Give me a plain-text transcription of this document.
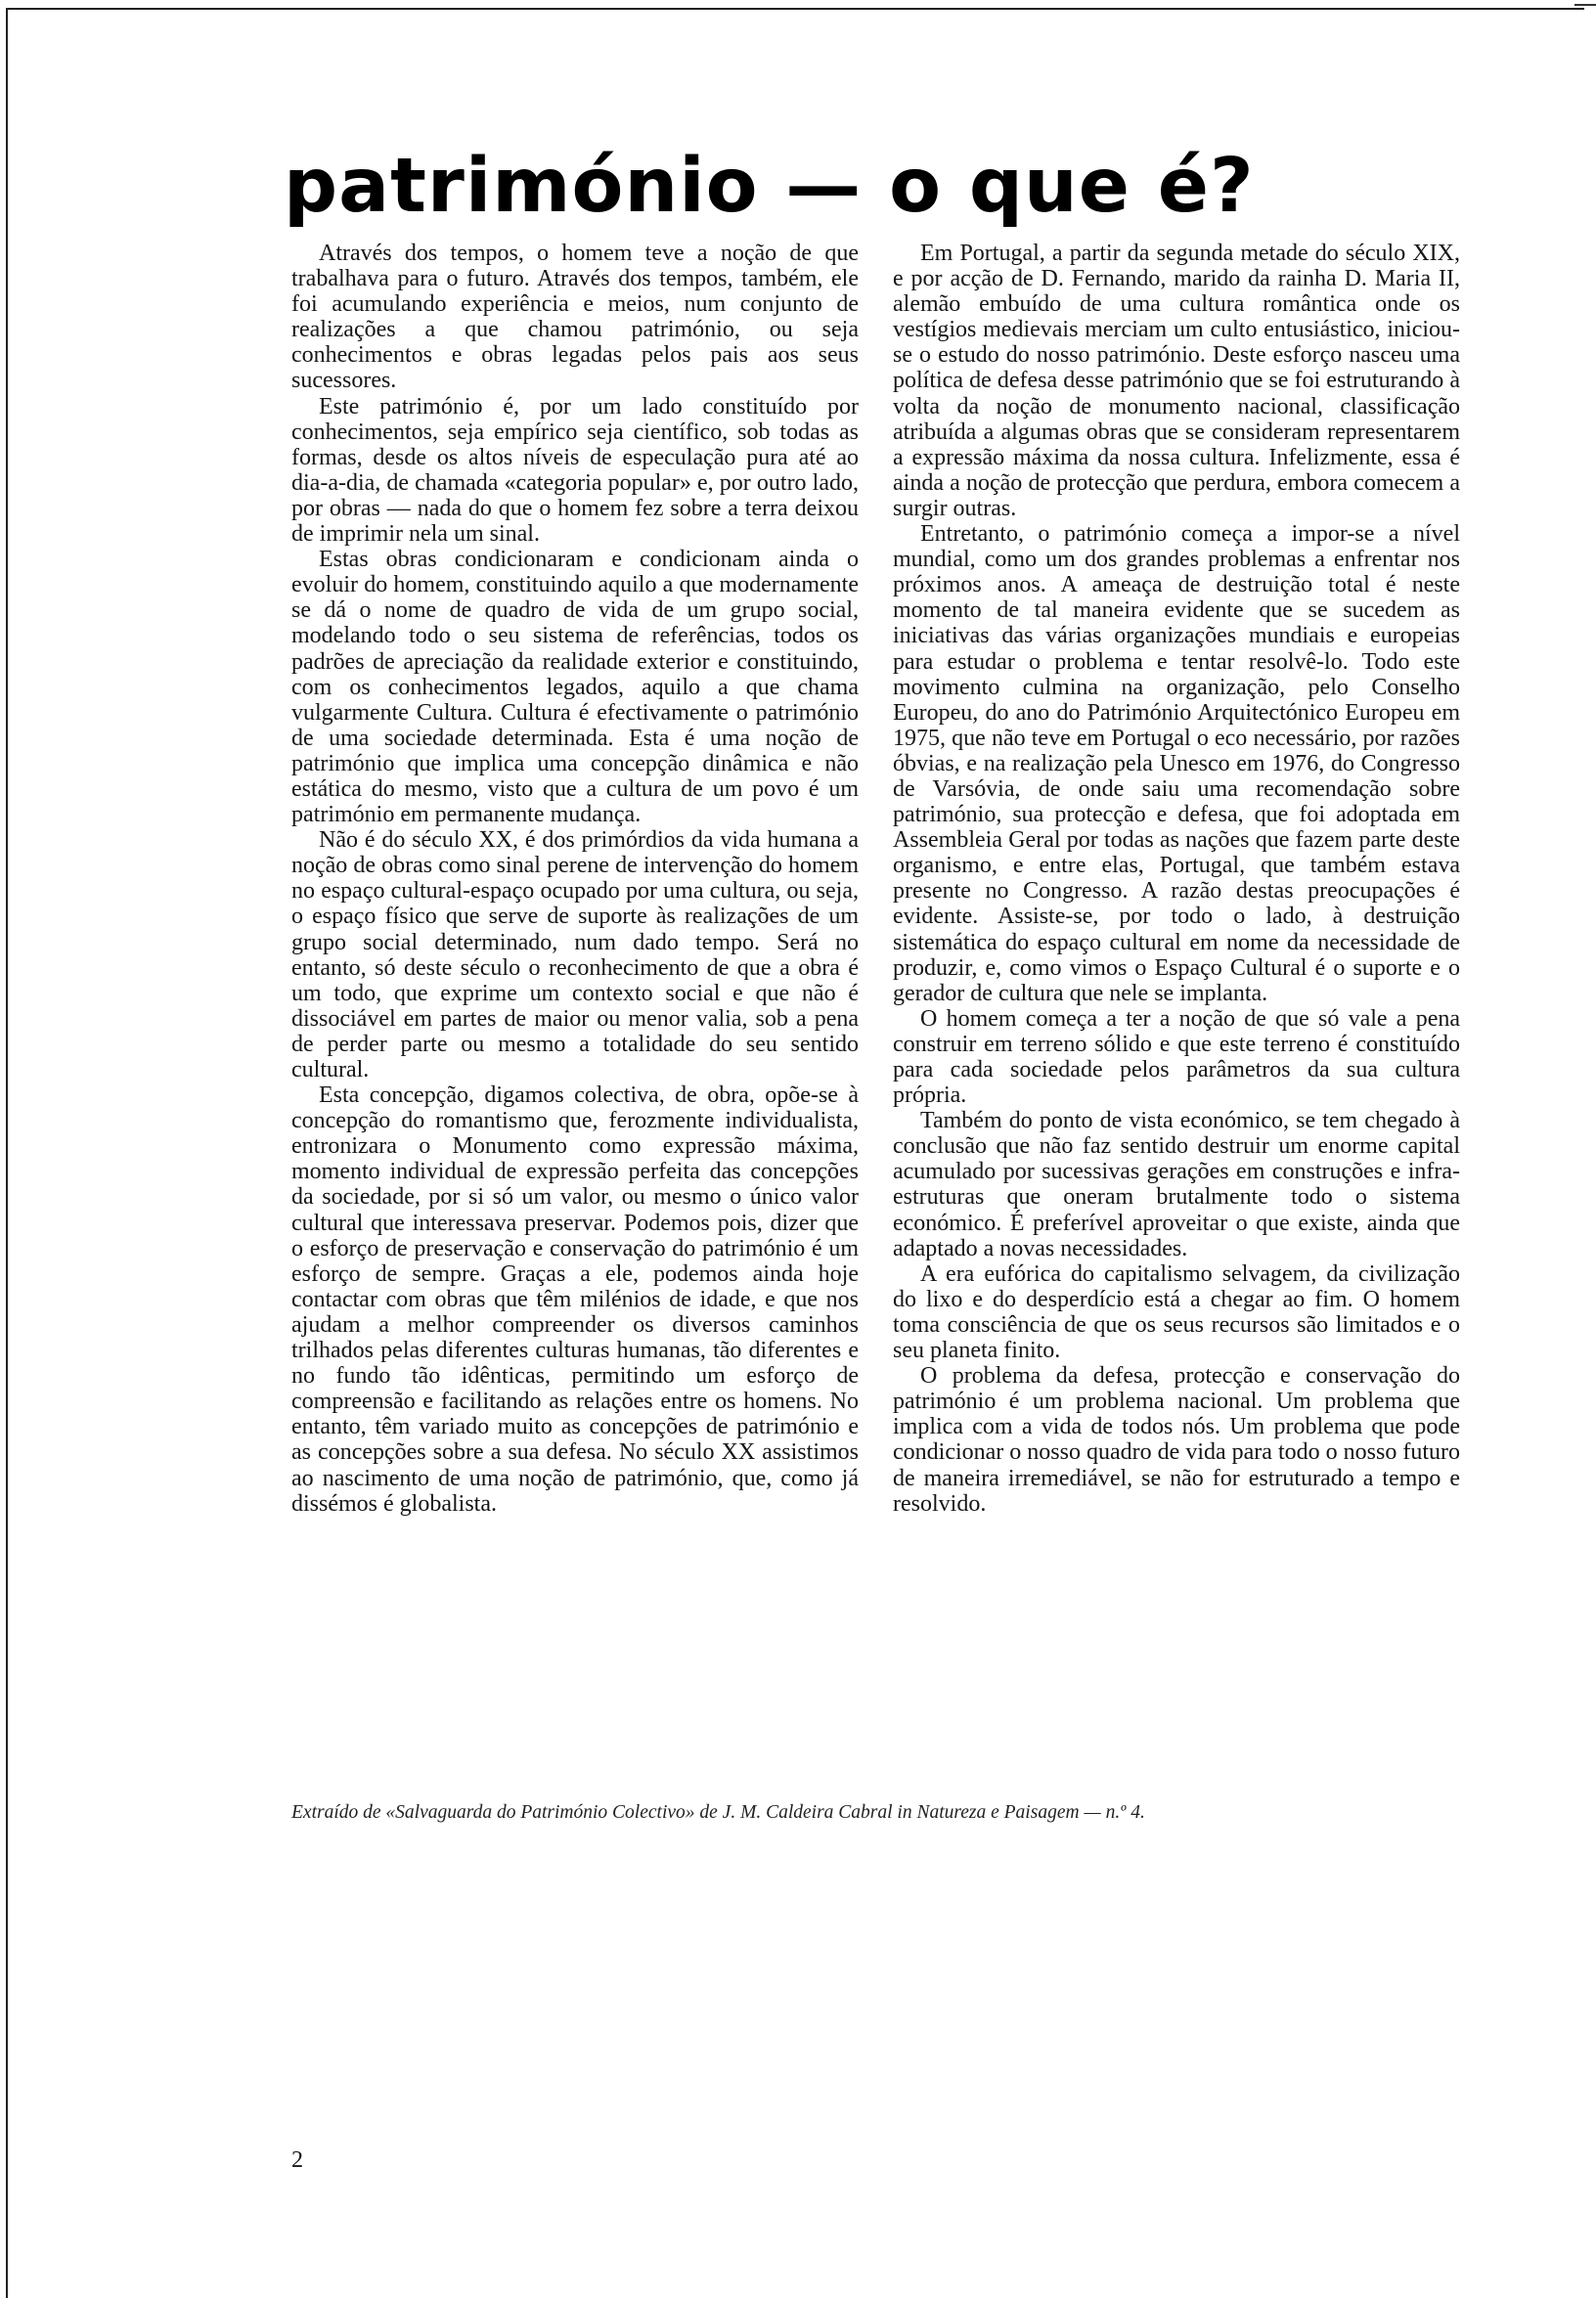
património — o que é?

Através dos tempos, o homem teve a noção de que trabalhava para o futuro. Através dos tempos, também, ele foi acumulando experiência e meios, num conjunto de realizações a que chamou património, ou seja conhecimentos e obras legadas pelos pais aos seus sucessores.

Este património é, por um lado constituído por conhecimentos, seja empírico seja científico, sob todas as formas, desde os altos níveis de especulação pura até ao dia-a-dia, de chamada «categoria popular» e, por outro lado, por obras — nada do que o homem fez sobre a terra deixou de imprimir nela um sinal.

Estas obras condicionaram e condicionam ainda o evoluir do homem, constituindo aquilo a que modernamente se dá o nome de quadro de vida de um grupo social, modelando todo o seu sistema de referências, todos os padrões de apreciação da realidade exterior e constituindo, com os conhecimentos legados, aquilo a que chama vulgarmente Cultura. Cultura é efectivamente o património de uma sociedade determinada. Esta é uma noção de património que implica uma concepção dinâmica e não estática do mesmo, visto que a cultura de um povo é um património em permanente mudança.

Não é do século XX, é dos primórdios da vida humana a noção de obras como sinal perene de intervenção do homem no espaço cultural-espaço ocupado por uma cultura, ou seja, o espaço físico que serve de suporte às realizações de um grupo social determinado, num dado tempo. Será no entanto, só deste século o reconhecimento de que a obra é um todo, que exprime um contexto social e que não é dissociável em partes de maior ou menor valia, sob a pena de perder parte ou mesmo a totalidade do seu sentido cultural.

Esta concepção, digamos colectiva, de obra, opõe-se à concepção do romantismo que, ferozmente individualista, entronizara o Monumento como expressão máxima, momento individual de expressão perfeita das concepções da sociedade, por si só um valor, ou mesmo o único valor cultural que interessava preservar. Podemos pois, dizer que o esforço de preservação e conservação do património é um esforço de sempre. Graças a ele, podemos ainda hoje contactar com obras que têm milénios de idade, e que nos ajudam a melhor compreender os diversos caminhos trilhados pelas diferentes culturas humanas, tão diferentes e no fundo tão idênticas, permitindo um esforço de compreensão e facilitando as relações entre os homens. No entanto, têm variado muito as concepções de património e as concepções sobre a sua defesa. No século XX assistimos ao nascimento de uma noção de património, que, como já dissémos é globalista.

Em Portugal, a partir da segunda metade do século XIX, e por acção de D. Fernando, marido da rainha D. Maria II, alemão embuído de uma cultura romântica onde os vestígios medievais merciam um culto entusiástico, iniciou-se o estudo do nosso património. Deste esforço nasceu uma política de defesa desse património que se foi estruturando à volta da noção de monumento nacional, classificação atribuída a algumas obras que se consideram representarem a expressão máxima da nossa cultura. Infelizmente, essa é ainda a noção de protecção que perdura, embora comecem a surgir outras.

Entretanto, o património começa a impor-se a nível mundial, como um dos grandes problemas a enfrentar nos próximos anos. A ameaça de destruição total é neste momento de tal maneira evidente que se sucedem as iniciativas das várias organizações mundiais e europeias para estudar o problema e tentar resolvê-lo. Todo este movimento culmina na organização, pelo Conselho Europeu, do ano do Património Arquitectónico Europeu em 1975, que não teve em Portugal o eco necessário, por razões óbvias, e na realização pela Unesco em 1976, do Congresso de Varsóvia, de onde saiu uma recomendação sobre património, sua protecção e defesa, que foi adoptada em Assembleia Geral por todas as nações que fazem parte deste organismo, e entre elas, Portugal, que também estava presente no Congresso. A razão destas preocupações é evidente. Assiste-se, por todo o lado, à destruição sistemática do espaço cultural em nome da necessidade de produzir, e, como vimos o Espaço Cultural é o suporte e o gerador de cultura que nele se implanta.

O homem começa a ter a noção de que só vale a pena construir em terreno sólido e que este terreno é constituído para cada sociedade pelos parâmetros da sua cultura própria.

Também do ponto de vista económico, se tem chegado à conclusão que não faz sentido destruir um enorme capital acumulado por sucessivas gerações em construções e infra-estruturas que oneram brutalmente todo o sistema económico. É preferível aproveitar o que existe, ainda que adaptado a novas necessidades.

A era eufórica do capitalismo selvagem, da civilização do lixo e do desperdício está a chegar ao fim. O homem toma consciência de que os seus recursos são limitados e o seu planeta finito.

O problema da defesa, protecção e conservação do património é um problema nacional. Um problema que implica com a vida de todos nós. Um problema que pode condicionar o nosso quadro de vida para todo o nosso futuro de maneira irremediável, se não for estruturado a tempo e resolvido.

Extraído de «Salvaguarda do Património Colectivo» de J. M. Caldeira Cabral in Natureza e Paisagem — n.º 4.
2
